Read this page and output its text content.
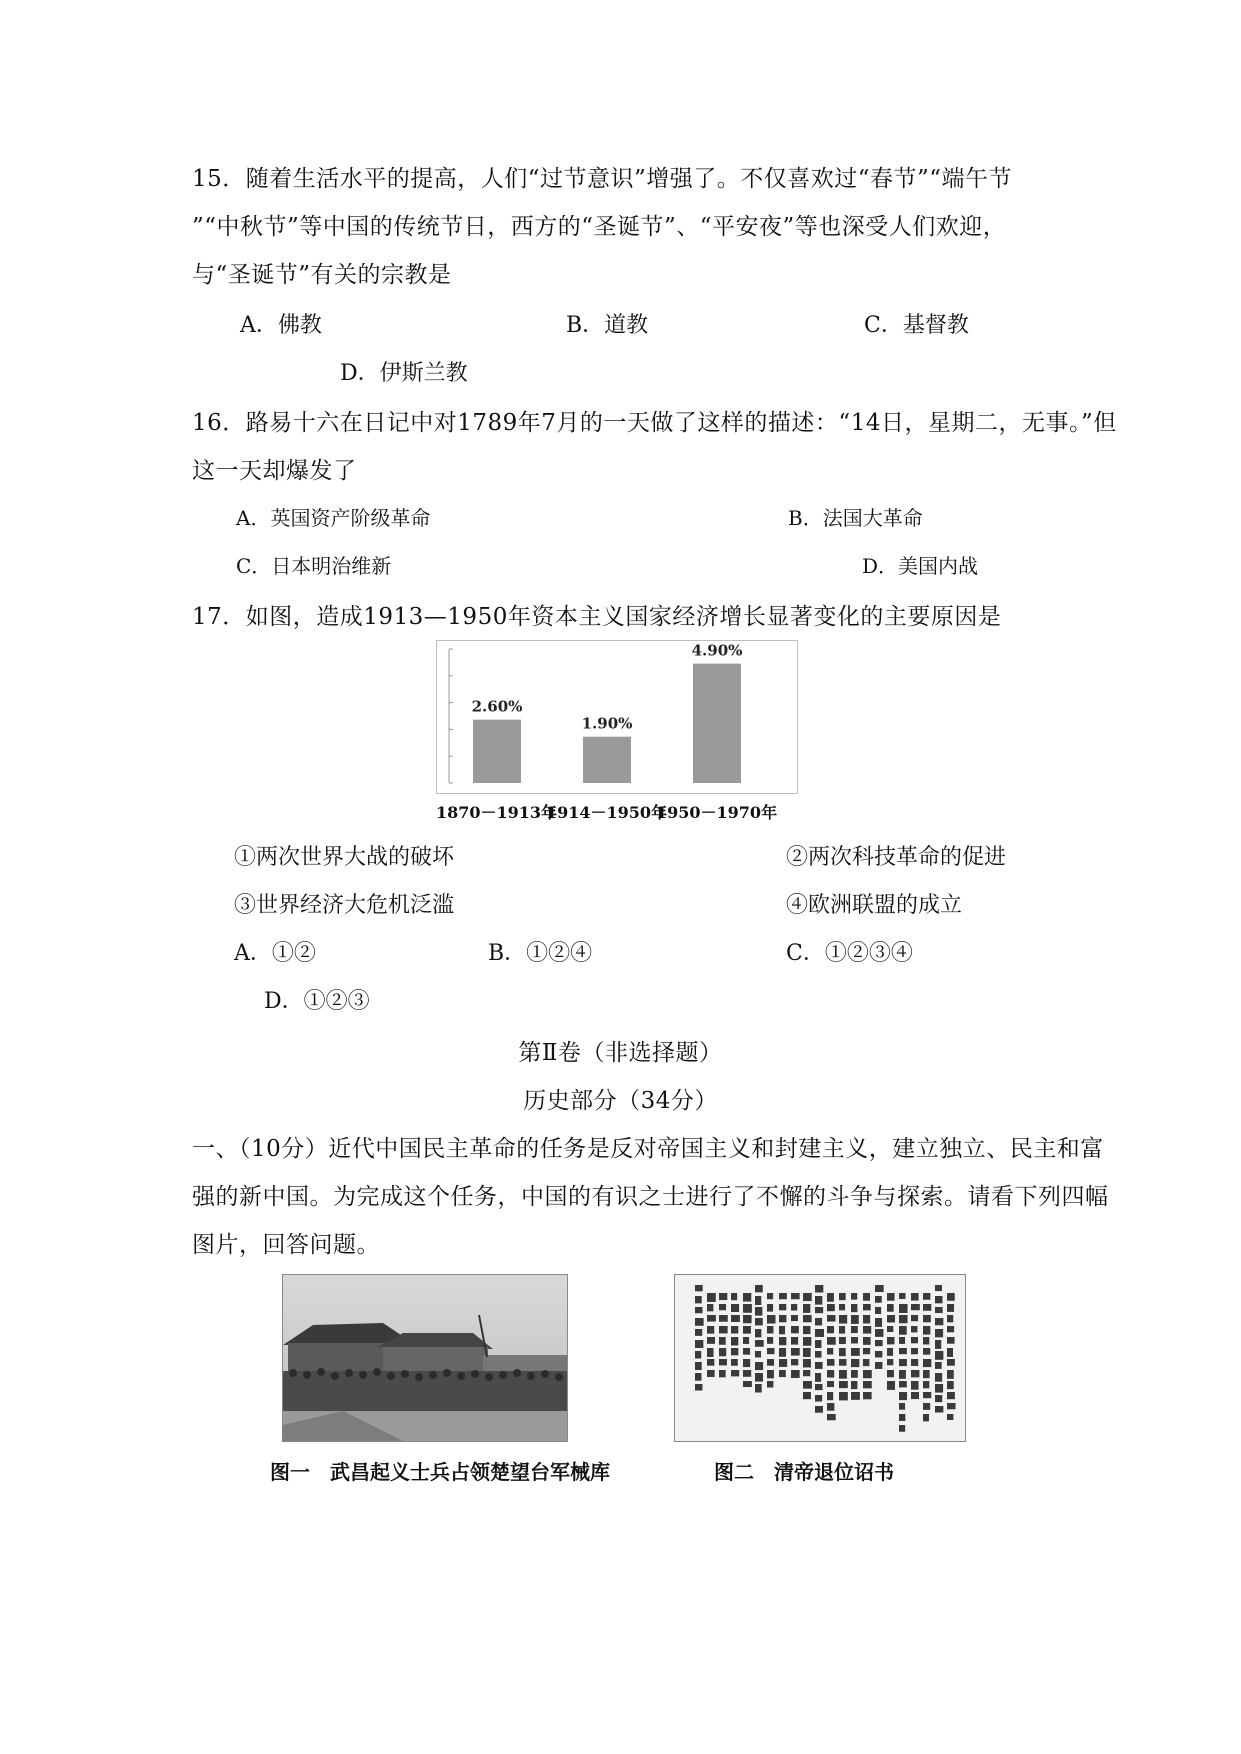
15．随着生活水平的提高，人们“过节意识”增强了。不仅喜欢过“春节”“端午节
”“中秋节”等中国的传统节日，西方的“圣诞节”、“平安夜”等也深受人们欢迎，
与“圣诞节”有关的宗教是
A．佛教	B．道教	C．基督教
D．伊斯兰教
16．路易十六在日记中对1789年7月的一天做了这样的描述：“14日，星期二，无事。”但
这一天却爆发了
A．英国资产阶级革命	B．法国大革命
C．日本明治维新	D．美国内战
17．如图，造成1913—1950年资本主义国家经济增长显著变化的主要原因是
2.60%
1.90%
4.90%
1870－1913年
1914－1950年
1950－1970年
①两次世界大战的破坏	②两次科技革命的促进
③世界经济大危机泛滥	④欧洲联盟的成立
A．①②	B．①②④	C．①②③④
D．①②③
第Ⅱ卷（非选择题）
历史部分（34分）
一、（10分）近代中国民主革命的任务是反对帝国主义和封建主义，建立独立、民主和富
强的新中国。为完成这个任务，中国的有识之士进行了不懈的斗争与探索。请看下列四幅
图片，回答问题。
图一　武昌起义士兵占领楚望台军械库	图二　清帝退位诏书
